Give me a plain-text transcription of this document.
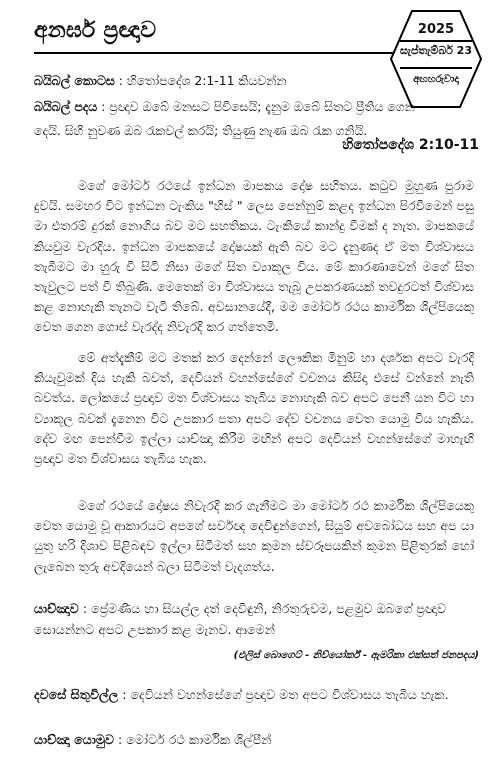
අනර්ඝ ප්‍රඥාව	2025
සැප්තැම්බර් 23
අඟහරුවාදා
බයිබල් කොටස : හිතෝපදේශ 2:1-11 කියවන්න
බයිබල් පදය : ප්‍රඥාව ඔබේ මනසට පිවිසෙයි; දැනුම ඔබේ සිතට ප්‍රීතිය ගෙන
දෙයි. සිහි නුවණ ඔබ රැකවල් කරයි; තියුණු නැණ ඔබ රැක ගනියි.
හිතෝපදේශ 2:10-11

මගේ මෝටර් රථයේ ඉන්ධන මාපකය දෝෂ සහිතය. කටුව මුහුණ පුරාම දුවයි. සමහර විට ඉන්ධන ටැංකිය "හිස් " ලෙස පෙන්නුම් කළද ඉන්ධන පිරවීමෙන් පසු මා එතරම් දුරක් නොගිය බව මට සහතිකය. ටැංකියේ කාන්දු වීමක් ද නැත. මාපකයේ කියවුම වැරදිය. ඉන්ධන මාපකයේ දෝෂයක් ඇති බව මට දැනුණද ඒ මත විශ්වාසය තැබීමට මා හුරු වී සිටි නිසා මගේ සිත ව්‍යාකූල විය. මේ කාරණාවෙන් මගේ සිත තැවුලට පත් වී තිබුණි. මෙතෙක් මා විශ්වාසය තැබූ උපකරණයක් තවදුරටත් විශ්වාස කළ නොහැකි තැනට වැටී තිබේ. අවසානයේදී, මම මෝටර් රථය කාර්මික ශිල්පියෙකු වෙත ගෙන ගොස් වැරද්ද නිවැරදි කර ගත්තෙමි.

මේ අත්දැකීම් මට මතක් කර දෙන්නේ ලෞකික මිනුම් හා දර්ශක අපට වැරදි කියැවුමක් දිය හැකි බවත්, දෙවියන් වහන්සේගේ වචනය කිසිදා එසේ වන්නේ නැති බවත්ය. ලෝකයේ ප්‍රඥාව මත විශ්වාසය තැබිය නොහැකි බව අපට පෙනී යන විට හා ව්‍යාකූල බවක් දැනෙන විට උපකාර පතා අපට දේව වචනය වෙත යොමු විය හැකිය. දේව මඟ පෙන්වීම ඉල්ලා යාච්ඤා කිරීම මඟින් අපට දෙවියන් වහන්සේගේ මාහැඟි ප්‍රඥාව මත විශ්වාසය තැබිය හැක.

මගේ රථයේ දෝෂය නිවැරදි කර ගැනීමට මා මෝටර් රථ කාර්මික ශිල්පියෙකු වෙත යොමු වූ ආකාරයට අපගේ සර්වඥ දෙවිඳුන්ගෙන්, සියුම් අවබෝධය සහ අප යා යුතු හරි දිශාව පිළිබඳව ඉල්ලා සිටීමත් සහ කුමන ස්වරූපයකින් කුමන පිළිතුරක් හෝ ලැබෙන තුරු අවදියෙන් බලා සිටීමත් වැදගත්ය.

යාච්ඤාව : ප්‍රේමණීය හා සියල්ල දත් දෙවිඳුනි, නිරතුරුවම, පළමුව ඔබගේ ප්‍රඥාව සොයන්නට අපට උපකාර කළ මැනව. ආමෙන්
(එලිස් බොගෙට් - නිව්යෝර්ක් - ඇමරිකා එක්සත් ජනපදය)
දවසේ සිතුවිල්ල : දෙවියන් වහන්සේගේ ප්‍රඥාව මත අපට විශ්වාසය තැබිය හැක.
යාච්ඤා යොමුව : මෝටර් රථ කාර්මික ශිල්පීන්
